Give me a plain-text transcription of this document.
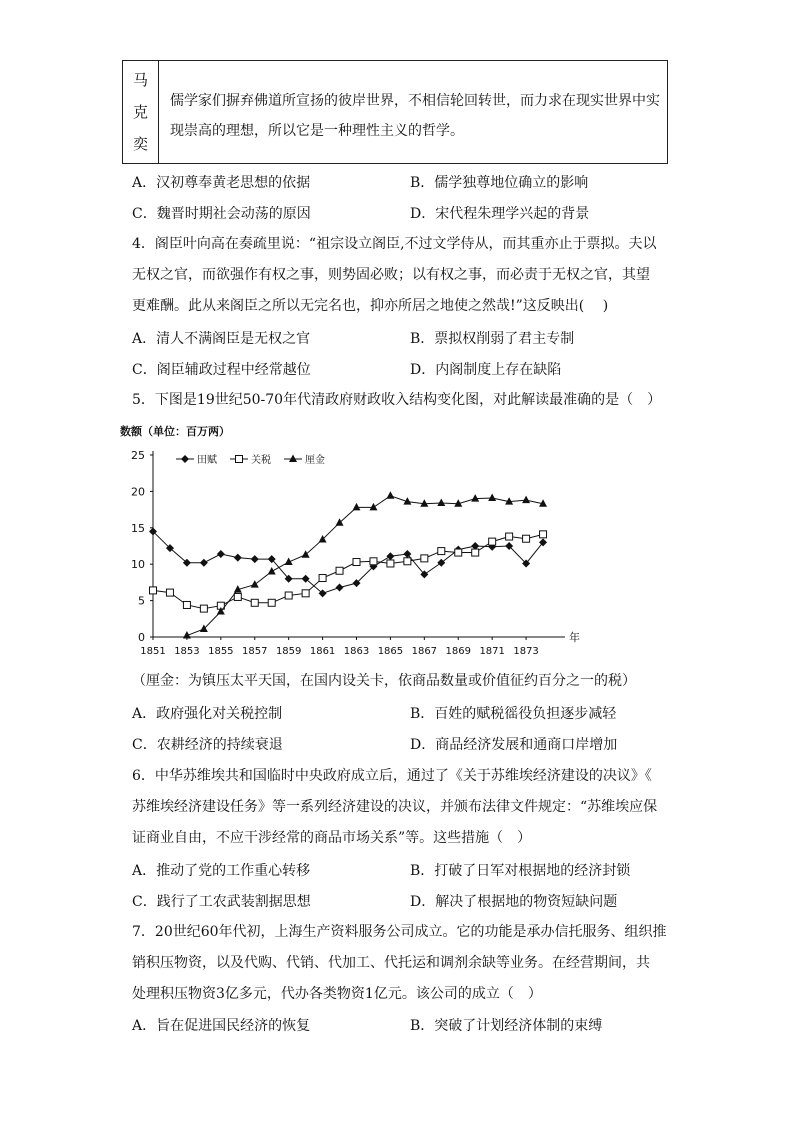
马
克
奕
儒学家们摒弃佛道所宣扬的彼岸世界，不相信轮回转世，而力求在现实世界中实
现崇高的理想，所以它是一种理性主义的哲学。
A．汉初尊奉黄老思想的依据	B．儒学独尊地位确立的影响
C．魏晋时期社会动荡的原因	D．宋代程朱理学兴起的背景
4．阁臣叶向高在奏疏里说：“祖宗设立阁臣,不过文学侍从，而其重亦止于票拟。夫以
无权之官，而欲强作有权之事，则势固必败；以有权之事，而必责于无权之官，其望
更难酬。此从来阁臣之所以无完名也，抑亦所居之地使之然哉!”这反映出(　 )
A．清人不满阁臣是无权之官	B．票拟权削弱了君主专制
C．阁臣辅政过程中经常越位	D．内阁制度上存在缺陷
5．下图是19世纪50-70年代清政府财政收入结构变化图，对此解读最准确的是（　）
数额（单位：百万两）
年
0
5
10
15
20
25
1851 1853 1855 1857 1859 1861 1863 1865 1867 1869 1871 1873
田赋	关税	厘金
（厘金：为镇压太平天国，在国内设关卡，依商品数量或价值征约百分之一的税）
A．政府强化对关税控制	B．百姓的赋税徭役负担逐步减轻
C．农耕经济的持续衰退	D．商品经济发展和通商口岸增加
6．中华苏维埃共和国临时中央政府成立后，通过了《关于苏维埃经济建设的决议》《
苏维埃经济建设任务》等一系列经济建设的决议，并颁布法律文件规定：“苏维埃应保
证商业自由，不应干涉经常的商品市场关系”等。这些措施（　）
A．推动了党的工作重心转移	B．打破了日军对根据地的经济封锁
C．践行了工农武装割据思想	D．解决了根据地的物资短缺问题
7．20世纪60年代初，上海生产资料服务公司成立。它的功能是承办信托服务、组织推
销积压物资，以及代购、代销、代加工、代托运和调剂余缺等业务。在经营期间，共
处理积压物资3亿多元，代办各类物资1亿元。该公司的成立（　）
A．旨在促进国民经济的恢复	B．突破了计划经济体制的束缚
